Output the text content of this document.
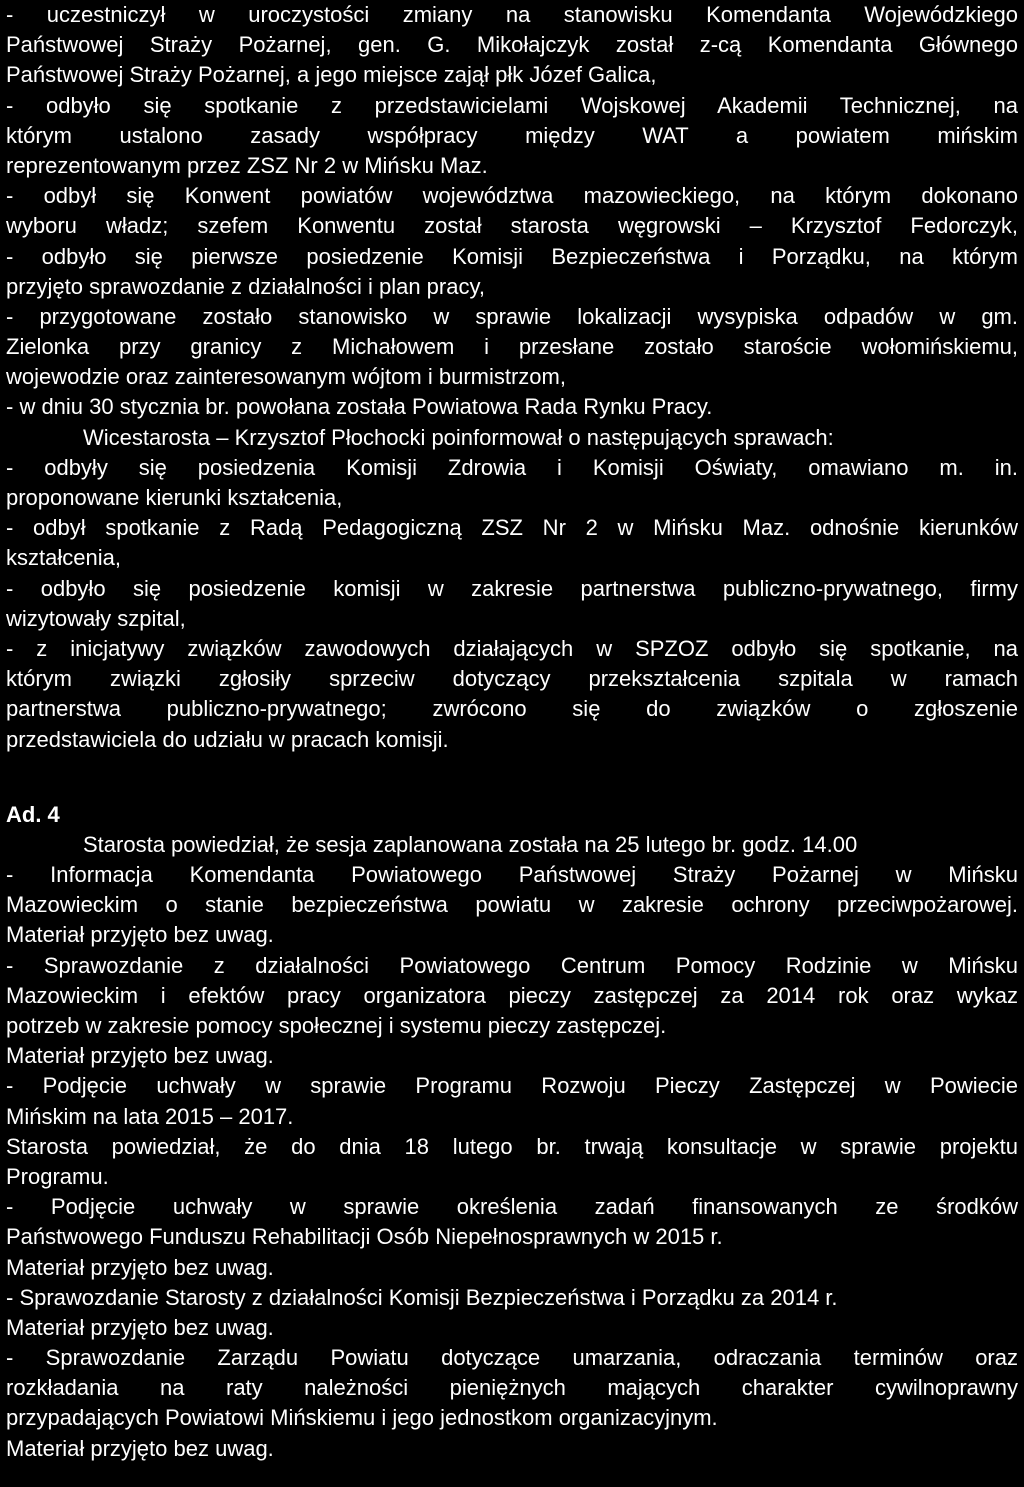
- uczestniczył w uroczystości zmiany na stanowisku Komendanta Wojewódzkiego
Państwowej Straży Pożarnej, gen. G. Mikołajczyk został z-cą Komendanta Głównego
Państwowej Straży Pożarnej, a jego miejsce zajął płk Józef Galica,
- odbyło się spotkanie z przedstawicielami Wojskowej Akademii Technicznej, na
którym ustalono zasady współpracy między WAT a powiatem mińskim
reprezentowanym przez ZSZ Nr 2 w Mińsku Maz.
- odbył się Konwent powiatów województwa mazowieckiego, na którym dokonano
wyboru władz; szefem Konwentu został starosta węgrowski – Krzysztof Fedorczyk,
- odbyło się pierwsze posiedzenie Komisji Bezpieczeństwa i Porządku, na którym
przyjęto sprawozdanie z działalności i plan pracy,
- przygotowane zostało stanowisko w sprawie lokalizacji wysypiska odpadów w gm.
Zielonka przy granicy z Michałowem i przesłane zostało staroście wołomińskiemu,
wojewodzie oraz zainteresowanym wójtom i burmistrzom,
- w dniu 30 stycznia br. powołana została Powiatowa Rada Rynku Pracy.
Wicestarosta – Krzysztof Płochocki poinformował o następujących sprawach:
- odbyły się posiedzenia Komisji Zdrowia i Komisji Oświaty, omawiano m. in.
proponowane kierunki kształcenia,
- odbył spotkanie z Radą Pedagogiczną ZSZ Nr 2 w Mińsku Maz. odnośnie kierunków
kształcenia,
- odbyło się posiedzenie komisji w zakresie partnerstwa publiczno-prywatnego, firmy
wizytowały szpital,
- z inicjatywy związków zawodowych działających w SPZOZ odbyło się spotkanie, na
którym związki zgłosiły sprzeciw dotyczący przekształcenia szpitala w ramach
partnerstwa publiczno-prywatnego; zwrócono się do związków o zgłoszenie
przedstawiciela do udziału w pracach komisji.
Ad. 4
Starosta powiedział, że sesja zaplanowana została na 25 lutego br. godz. 14.00
- Informacja Komendanta Powiatowego Państwowej Straży Pożarnej w Mińsku
Mazowieckim o stanie bezpieczeństwa powiatu w zakresie ochrony przeciwpożarowej.
Materiał przyjęto bez uwag.
- Sprawozdanie z działalności Powiatowego Centrum Pomocy Rodzinie w Mińsku
Mazowieckim i efektów pracy organizatora pieczy zastępczej za 2014 rok oraz wykaz
potrzeb w zakresie pomocy społecznej i systemu pieczy zastępczej.
Materiał przyjęto bez uwag.
- Podjęcie uchwały w sprawie Programu Rozwoju Pieczy Zastępczej w Powiecie
Mińskim na lata 2015 – 2017.
Starosta powiedział, że do dnia 18 lutego br. trwają konsultacje w sprawie projektu
Programu.
- Podjęcie uchwały w sprawie określenia zadań finansowanych ze środków
Państwowego Funduszu Rehabilitacji Osób Niepełnosprawnych w 2015 r.
Materiał przyjęto bez uwag.
- Sprawozdanie Starosty z działalności Komisji Bezpieczeństwa i Porządku za 2014 r.
Materiał przyjęto bez uwag.
- Sprawozdanie Zarządu Powiatu dotyczące umarzania, odraczania terminów oraz
rozkładania na raty należności pieniężnych mających charakter cywilnoprawny
przypadających Powiatowi Mińskiemu i jego jednostkom organizacyjnym.
Materiał przyjęto bez uwag.
